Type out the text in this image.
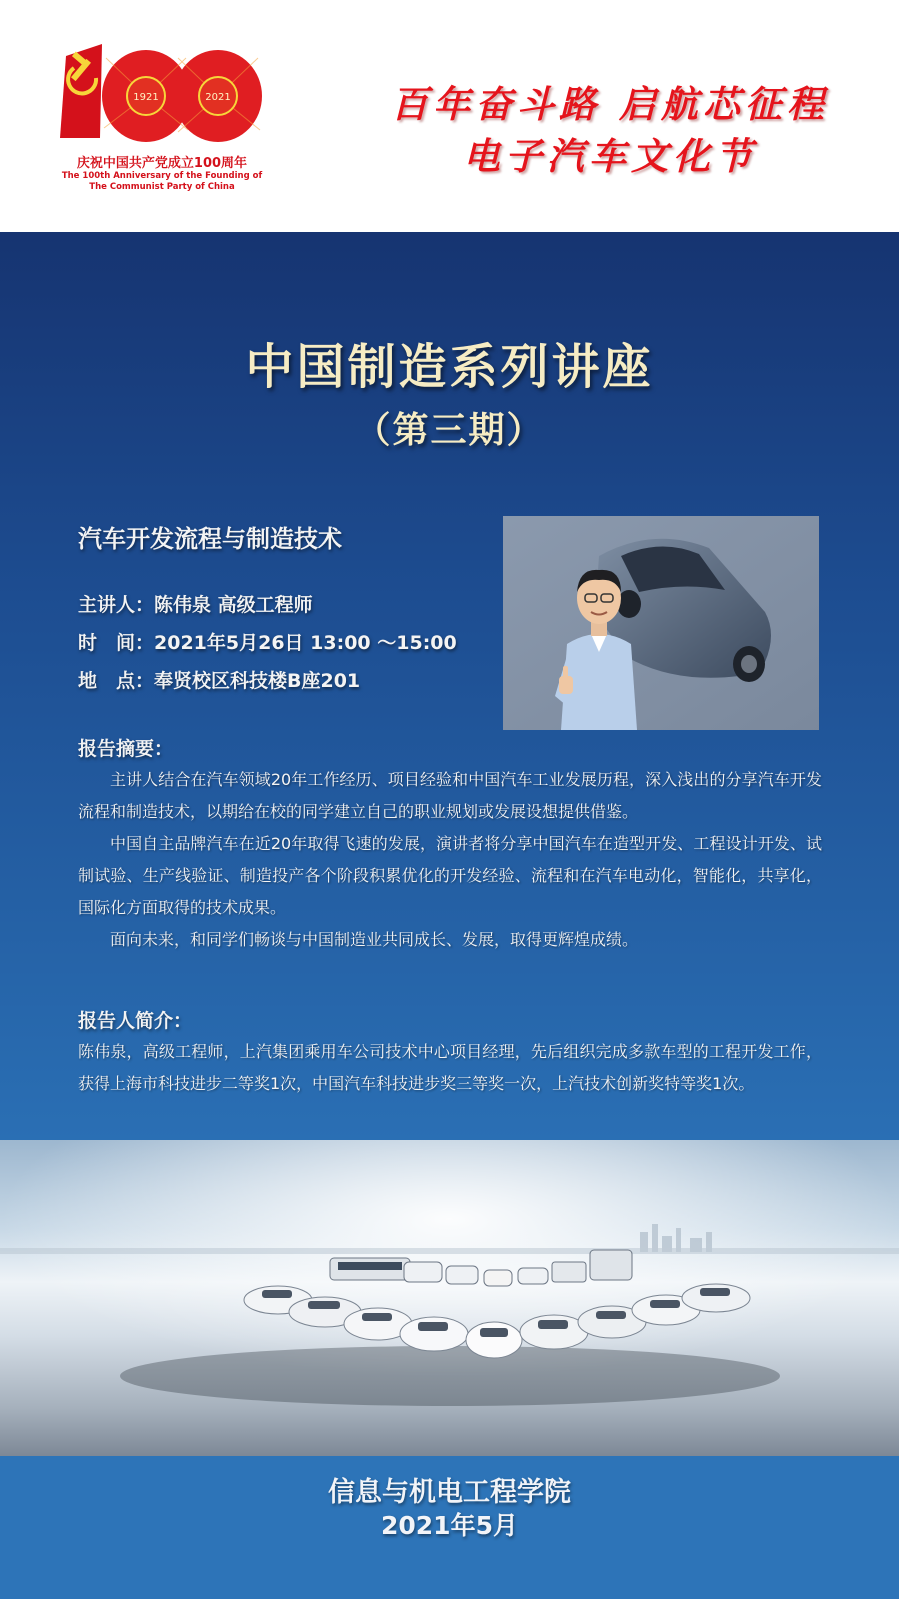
1921	2021
庆祝中国共产党成立100周年
The 100th Anniversary of the Founding of
The Communist Party of China
百年奋斗路 启航芯征程
电子汽车文化节
中国制造系列讲座
（第三期）
汽车开发流程与制造技术
主讲人：陈伟泉 高级工程师
时　间：2021年5月26日 13:00 ～15:00
地　点：奉贤校区科技楼B座201
报告摘要：
主讲人结合在汽车领域20年工作经历、项目经验和中国汽车工业发展历程，深入浅出的分享汽车开发流程和制造技术，以期给在校的同学建立自己的职业规划或发展设想提供借鉴。
中国自主品牌汽车在近20年取得飞速的发展，演讲者将分享中国汽车在造型开发、工程设计开发、试制试验、生产线验证、制造投产各个阶段积累优化的开发经验、流程和在汽车电动化，智能化，共享化，国际化方面取得的技术成果。
面向未来，和同学们畅谈与中国制造业共同成长、发展，取得更辉煌成绩。
报告人简介：
陈伟泉，高级工程师，上汽集团乘用车公司技术中心项目经理，先后组织完成多款车型的工程开发工作，获得上海市科技进步二等奖1次，中国汽车科技进步奖三等奖一次，上汽技术创新奖特等奖1次。
信息与机电工程学院
2021年5月
